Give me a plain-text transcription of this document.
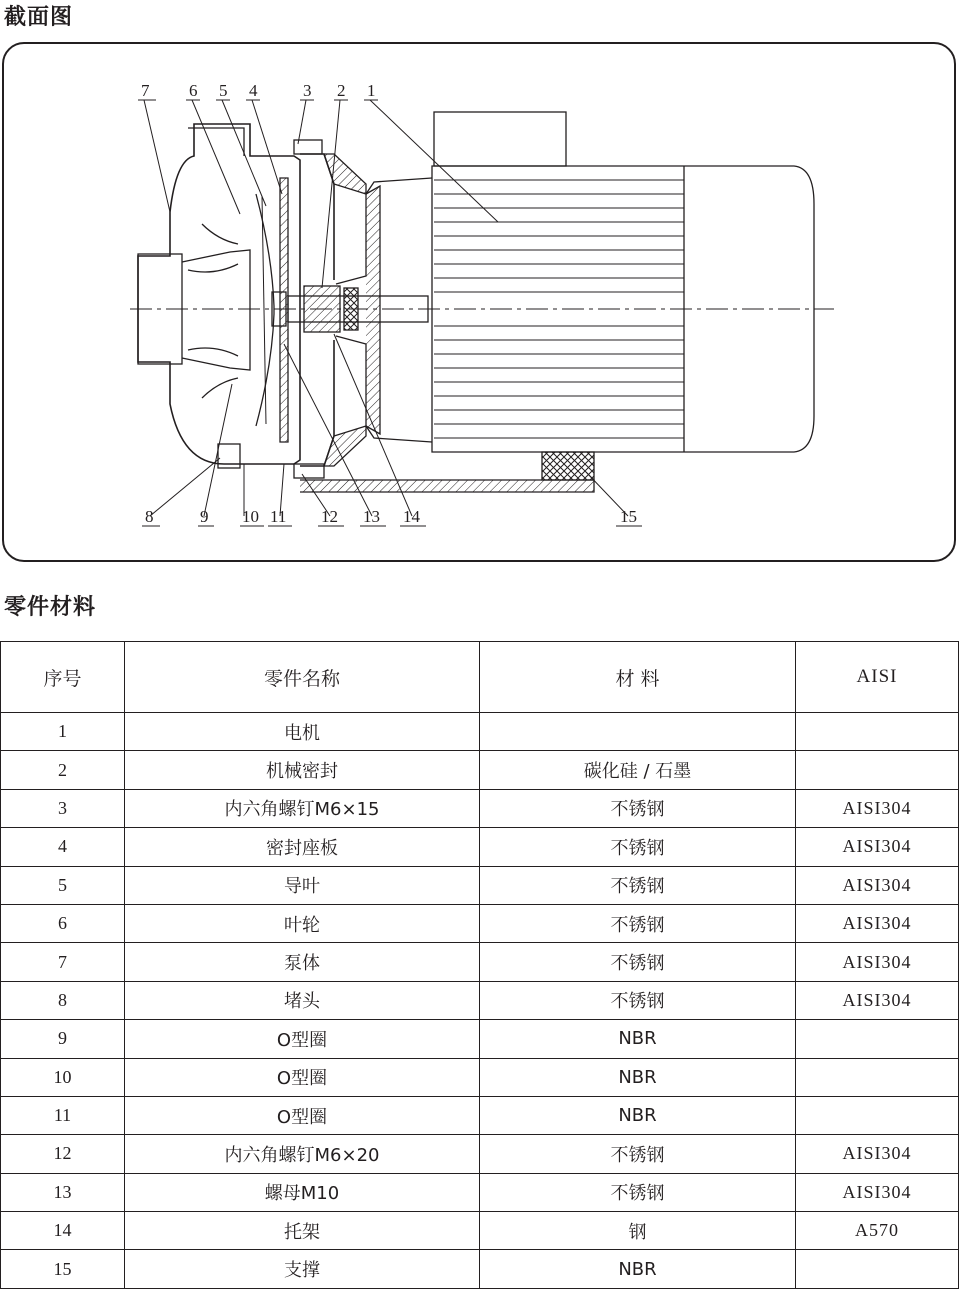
截面图
7 6 5 4	3 2 1
8	9 10 11 12 13 14	15
零件材料
序号	零件名称	材 料	AISI
1	电机		
2	机械密封	碳化硅 / 石墨	
3	内六角螺钉M6×15	不锈钢	AISI304
4	密封座板	不锈钢	AISI304
5	导叶	不锈钢	AISI304
6	叶轮	不锈钢	AISI304
7	泵体	不锈钢	AISI304
8	堵头	不锈钢	AISI304
9	O型圈	NBR	
10	O型圈	NBR	
11	O型圈	NBR	
12	内六角螺钉M6×20	不锈钢	AISI304
13	螺母M10	不锈钢	AISI304
14	托架	钢	A570
15	支撑	NBR	
